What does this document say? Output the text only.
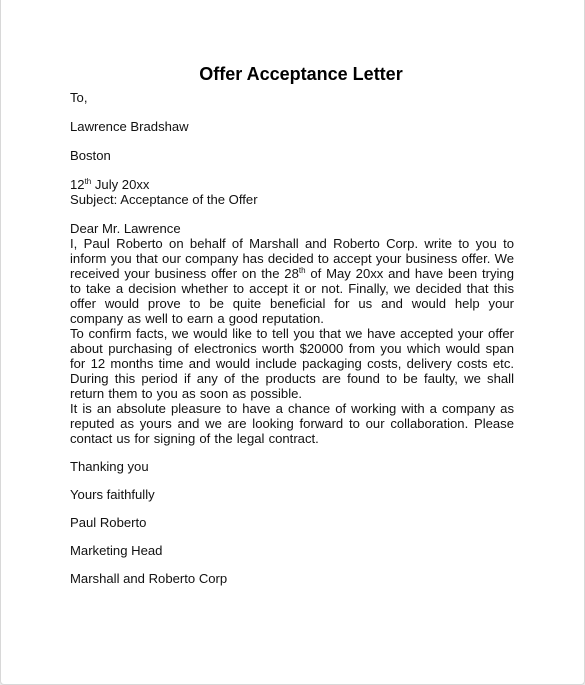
Offer Acceptance Letter

To,

Lawrence Bradshaw

Boston

12th July 20xx

Subject: Acceptance of the Offer

Dear Mr. Lawrence

I, Paul Roberto on behalf of Marshall and Roberto Corp. write to you to inform you that our company has decided to accept your business offer. We received your business offer on the 28th of May 20xx and have been trying to take a decision whether to accept it or not. Finally, we decided that this offer would prove to be quite beneficial for us and would help your company as well to earn a good reputation.

To confirm facts, we would like to tell you that we have accepted your offer about purchasing of electronics worth $20000 from you which would span for 12 months time and would include packaging costs, delivery costs etc. During this period if any of the products are found to be faulty, we shall return them to you as soon as possible.

It is an absolute pleasure to have a chance of working with a company as reputed as yours and we are looking forward to our collaboration. Please contact us for signing of the legal contract.

Thanking you

Yours faithfully

Paul Roberto

Marketing Head

Marshall and Roberto Corp
